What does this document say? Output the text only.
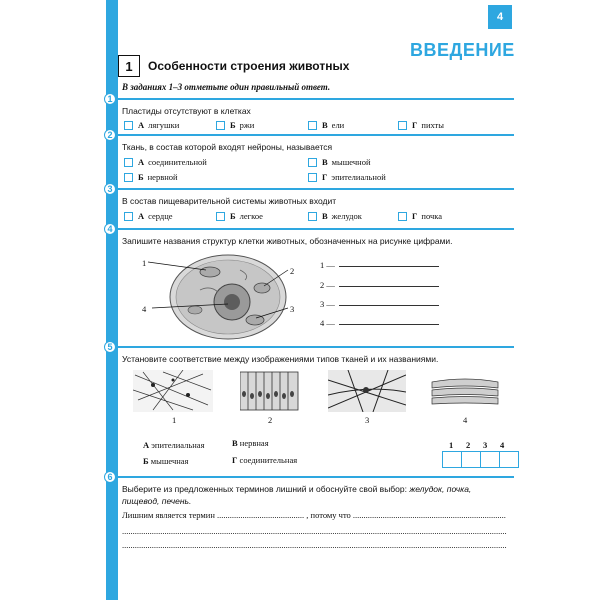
4
ВВЕДЕНИЕ
1	Особенности строения животных
В заданиях 1–3 отметьте один правильный ответ.
1
Пластиды отсутствуют в клетках
А лягушки	Б ржи	В ели	Г пихты
2
Ткань, в состав которой входят нейроны, называется
А соединительной	В мышечной
Б нервной	Г эпителиальной
3
В состав пищеварительной системы животных входит
А сердце	Б легкое	В желудок	Г почка
4
Запишите названия структур клетки животных, обозначенных на рисунке цифрами.
1
2
3
4
1 —
2 —
3 —
4 —
5
Установите соответствие между изображениями типов тканей и их названиями.
1	2	3	4
А эпителиальная	В нервная
Б мышечная	Г соединительная
1 2 3 4
6
Выберите из предложенных терминов лишний и обоснуйте свой выбор: желудок, почка,
пищевод, печень.
Лишним является термин ......................................... , потому что ........................................................................
.....................................................................................................................................................................................
.....................................................................................................................................................................................
